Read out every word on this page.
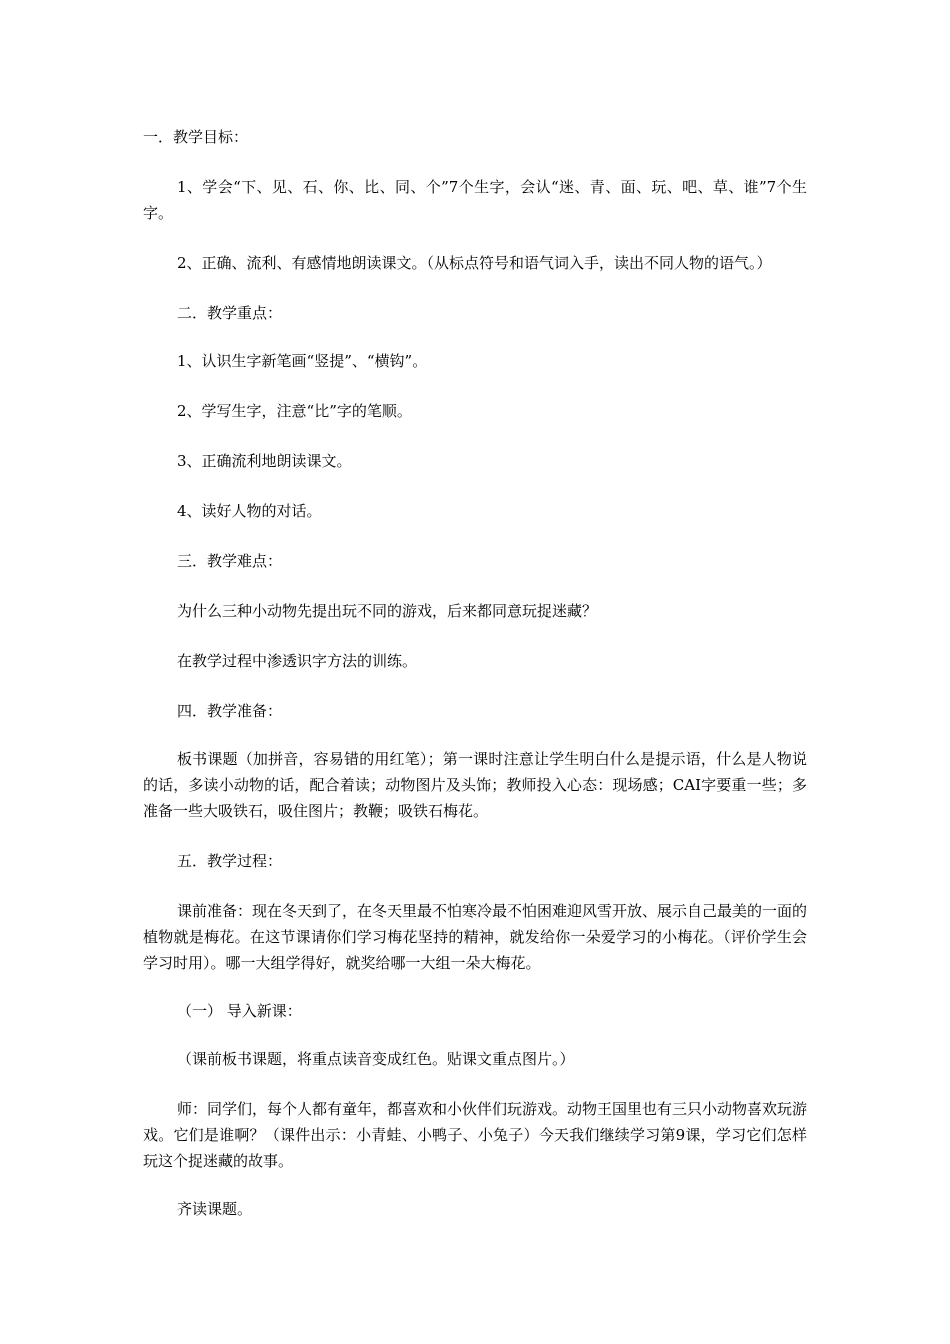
一．教学目标：

1、学会“下、见、石、你、比、同、个”7个生字，会认“迷、青、面、玩、吧、草、谁”7个生字。

2、正确、流利、有感情地朗读课文。（从标点符号和语气词入手，读出不同人物的语气。）

二．教学重点：

1、认识生字新笔画“竖提”、“横钩”。

2、学写生字，注意“比”字的笔顺。

3、正确流利地朗读课文。

4、读好人物的对话。

三．教学难点：

为什么三种小动物先提出玩不同的游戏，后来都同意玩捉迷藏？

在教学过程中渗透识字方法的训练。

四．教学准备：

板书课题（加拼音，容易错的用红笔）；第一课时注意让学生明白什么是提示语，什么是人物说的话，多读小动物的话，配合着读；动物图片及头饰；教师投入心态：现场感；CAI字要重一些；多准备一些大吸铁石，吸住图片；教鞭；吸铁石梅花。

五．教学过程：

课前准备：现在冬天到了，在冬天里最不怕寒冷最不怕困难迎风雪开放、展示自己最美的一面的植物就是梅花。在这节课请你们学习梅花坚持的精神，就发给你一朵爱学习的小梅花。（评价学生会学习时用）。哪一大组学得好，就奖给哪一大组一朵大梅花。

（一） 导入新课：

（课前板书课题，将重点读音变成红色。贴课文重点图片。）

师：同学们，每个人都有童年，都喜欢和小伙伴们玩游戏。动物王国里也有三只小动物喜欢玩游戏。它们是谁啊？（课件出示：小青蛙、小鸭子、小兔子）今天我们继续学习第9课，学习它们怎样玩这个捉迷藏的故事。

齐读课题。
